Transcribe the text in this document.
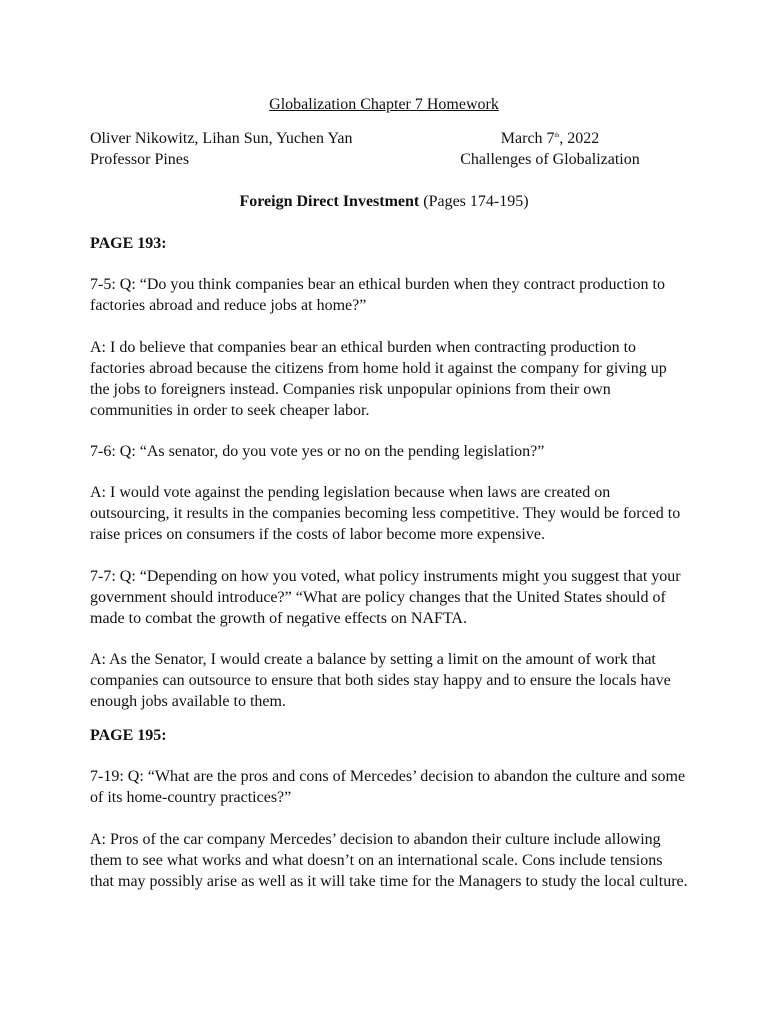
Globalization Chapter 7 Homework
Oliver Nikowitz, Lihan Sun, Yuchen Yan
Professor Pines
March 7th, 2022
Challenges of Globalization
Foreign Direct Investment (Pages 174-195)

PAGE 193:

7-5: Q: “Do you think companies bear an ethical burden when they contract production to factories abroad and reduce jobs at home?”

A: I do believe that companies bear an ethical burden when contracting production to factories abroad because the citizens from home hold it against the company for giving up the jobs to foreigners instead. Companies risk unpopular opinions from their own communities in order to seek cheaper labor.

7-6: Q: “As senator, do you vote yes or no on the pending legislation?”

A: I would vote against the pending legislation because when laws are created on outsourcing, it results in the companies becoming less competitive. They would be forced to raise prices on consumers if the costs of labor become more expensive.

7-7: Q: “Depending on how you voted, what policy instruments might you suggest that your government should introduce?” “What are policy changes that the United States should of made to combat the growth of negative effects on NAFTA.

A: As the Senator, I would create a balance by setting a limit on the amount of work that companies can outsource to ensure that both sides stay happy and to ensure the locals have enough jobs available to them.

PAGE 195:

7-19: Q: “What are the pros and cons of Mercedes’ decision to abandon the culture and some of its home-country practices?”

A: Pros of the car company Mercedes’ decision to abandon their culture include allowing them to see what works and what doesn’t on an international scale. Cons include tensions that may possibly arise as well as it will take time for the Managers to study the local culture.
